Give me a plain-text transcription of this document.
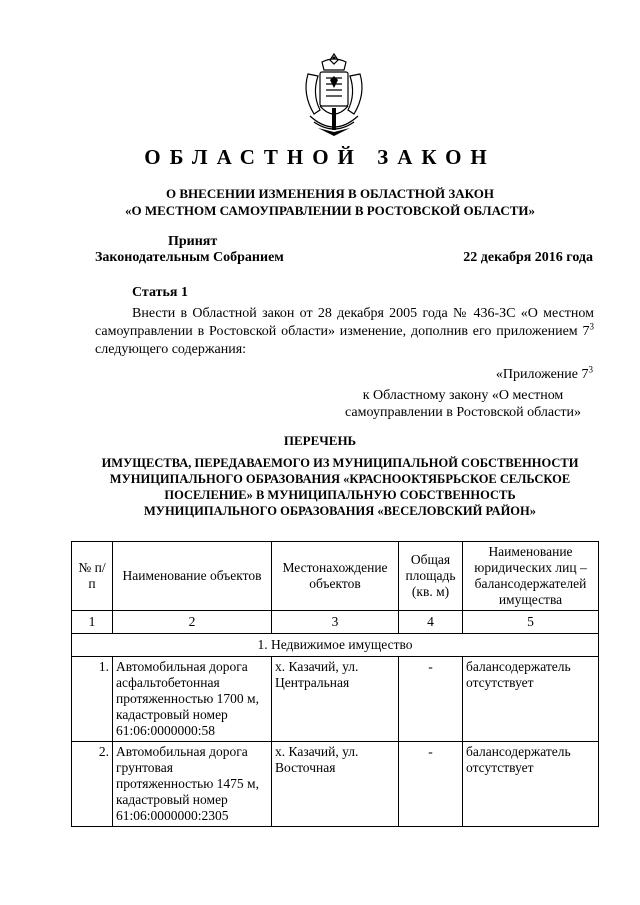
ОБЛАСТНОЙ ЗАКОН
О ВНЕСЕНИИ ИЗМЕНЕНИЯ В ОБЛАСТНОЙ ЗАКОН
«О МЕСТНОМ САМОУПРАВЛЕНИИ В РОСТОВСКОЙ ОБЛАСТИ»
Принят
Законодательным Собранием	22 декабря 2016 года
Статья 1
Внести в Областной закон от 28 декабря 2005 года № 436-ЗС «О местном самоуправлении в Ростовской области» изменение, дополнив его приложением $7^3$ следующего содержания:
«Приложение $7^3$
к Областному закону «О местном
самоуправлении в Ростовской области»
ПЕРЕЧЕНЬ
ИМУЩЕСТВА, ПЕРЕДАВАЕМОГО ИЗ МУНИЦИПАЛЬНОЙ СОБСТВЕННОСТИ
МУНИЦИПАЛЬНОГО ОБРАЗОВАНИЯ «КРАСНООКТЯБРЬСКОЕ СЕЛЬСКОЕ
ПОСЕЛЕНИЕ» В МУНИЦИПАЛЬНУЮ СОБСТВЕННОСТЬ
МУНИЦИПАЛЬНОГО ОБРАЗОВАНИЯ «ВЕСЕЛОВСКИЙ РАЙОН»
№ п/п	Наименование объектов	Местонахождение объектов	Общая площадь (кв. м)	Наименование юридических лиц – балансодержателей имущества
1	2	3	4	5
1. Недвижимое имущество				
1.	Автомобильная дорога асфальтобетонная протяженностью 1700 м, кадастровый номер 61:06:0000000:58	х. Казачий, ул. Центральная	-	балансодержатель отсутствует
2.	Автомобильная дорога грунтовая протяженностью 1475 м, кадастровый номер 61:06:0000000:2305	х. Казачий, ул. Восточная	-	балансодержатель отсутствует
